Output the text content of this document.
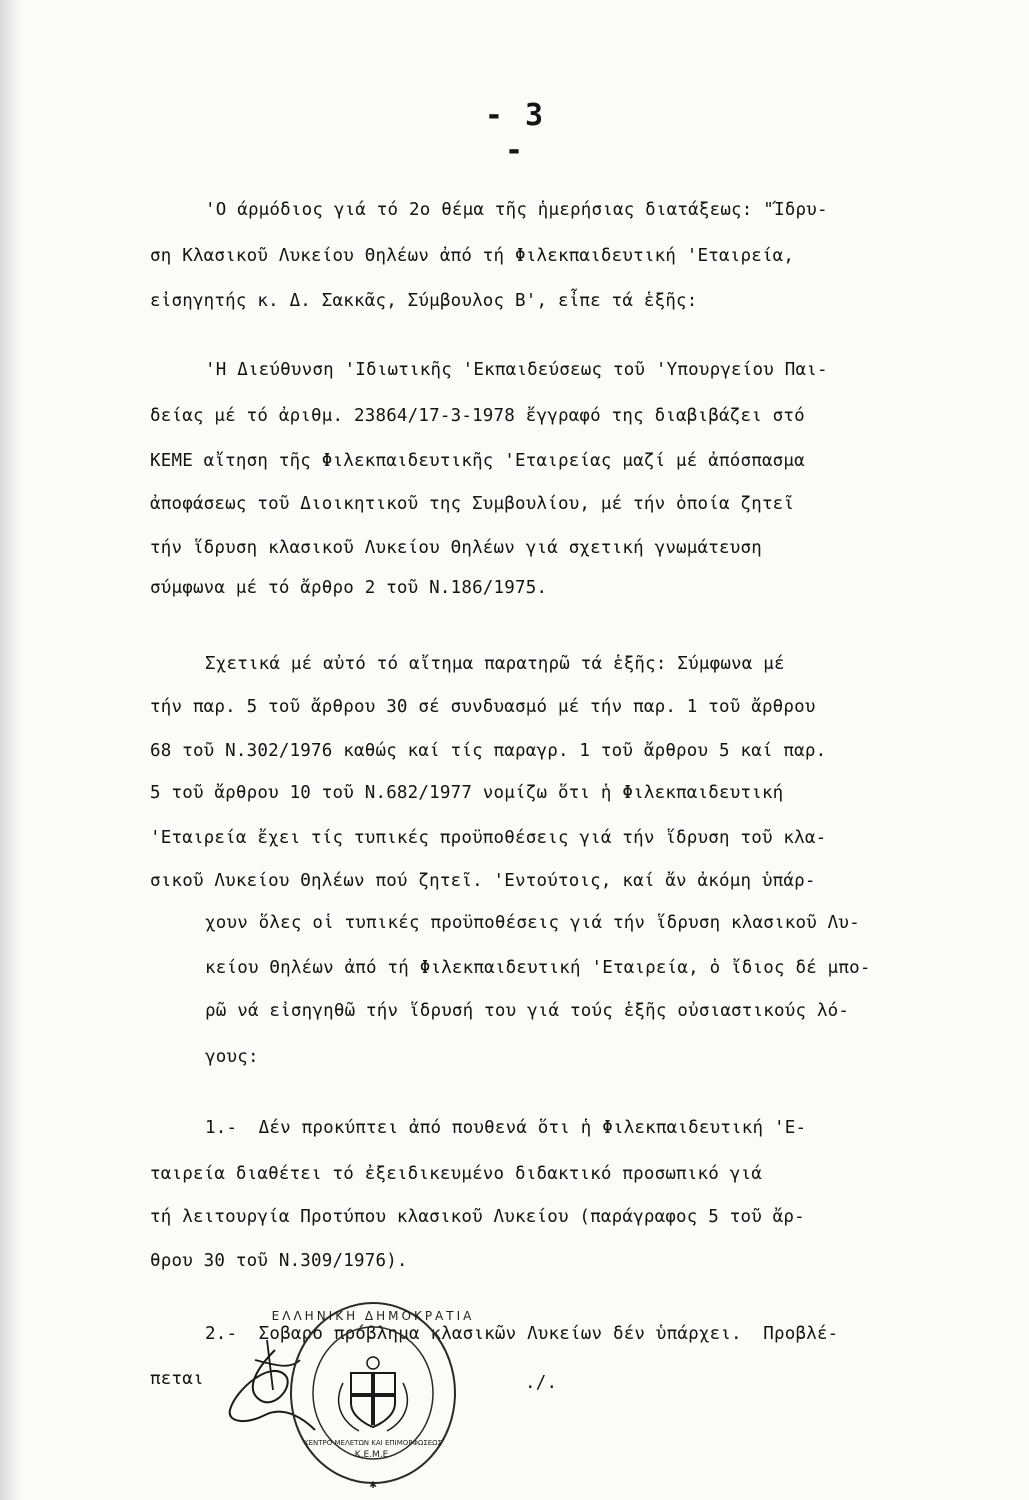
- 3 -
'Ο άρμόδιος γιά τό 2ο θέμα τῆς ἡμερήσιας διατάξεως: "Ίδρυ-
ση Κλασικοῦ Λυκείου Θηλέων ἀπό τή Φιλεκπαιδευτική 'Εταιρεία,
εἰσηγητής κ. Δ. Σακκᾶς, Σύμβουλος Β', εἶπε τά ἑξῆς:
'Η Διεύθυνση 'Ιδιωτικῆς 'Εκπαιδεύσεως τοῦ 'Υπουργείου Παι-
δείας μέ τό ἀριθμ. 23864/17-3-1978 ἔγγραφό της διαβιβάζει στό
ΚΕΜΕ αἴτηση τῆς Φιλεκπαιδευτικῆς 'Εταιρείας μαζί μέ ἀπόσπασμα
ἀποφάσεως τοῦ Διοικητικοῦ της Συμβουλίου, μέ τήν ὁποία ζητεῖ
τήν ἵδρυση κλασικοῦ Λυκείου Θηλέων γιά σχετική γνωμάτευση
σύμφωνα μέ τό ἄρθρο 2 τοῦ Ν.186/1975.
Σχετικά μέ αὐτό τό αἴτημα παρατηρῶ τά ἑξῆς: Σύμφωνα μέ
τήν παρ. 5 τοῦ ἄρθρου 30 σέ συνδυασμό μέ τήν παρ. 1 τοῦ ἄρθρου
68 τοῦ Ν.302/1976 καθώς καί τίς παραγρ. 1 τοῦ ἄρθρου 5 καί παρ.
5 τοῦ ἄρθρου 10 τοῦ Ν.682/1977 νομίζω ὅτι ἡ Φιλεκπαιδευτική
'Εταιρεία ἔχει τίς τυπικές προϋποθέσεις γιά τήν ἵδρυση τοῦ κλα-
σικοῦ Λυκείου Θηλέων πού ζητεῖ. 'Εντούτοις, καί ἄν ἀκόμη ὑπάρ-
χουν ὅλες οἱ τυπικές προϋποθέσεις γιά τήν ἵδρυση κλασικοῦ Λυ-
κείου Θηλέων ἀπό τή Φιλεκπαιδευτική 'Εταιρεία, ὁ ἴδιος δέ μπο-
ρῶ νά εἰσηγηθῶ τήν ἵδρυσή του γιά τούς ἑξῆς οὐσιαστικούς λό-
γους:
1.-  Δέν προκύπτει ἀπό πουθενά ὅτι ἡ Φιλεκπαιδευτική 'Ε-
ταιρεία διαθέτει τό ἐξειδικευμένο διδακτικό προσωπικό γιά
τή λειτουργία Προτύπου κλασικοῦ Λυκείου (παράγραφος 5 τοῦ ἄρ-
θρου 30 τοῦ Ν.309/1976).
2.-  Σοβαρό πρόβλημα κλασικῶν Λυκείων δέν ὑπάρχει.  Προβλέ-
πεται	./.
ΕΛΛΗΝΙΚΗ ΔΗΜΟΚΡΑΤΙΑ
ΚΕΝΤΡΟ ΜΕΛΕΤΩΝ ΚΑΙ ΕΠΙΜΟΡΦΩΣΕΩΣ
Κ.Ε.Μ.Ε.
✱
